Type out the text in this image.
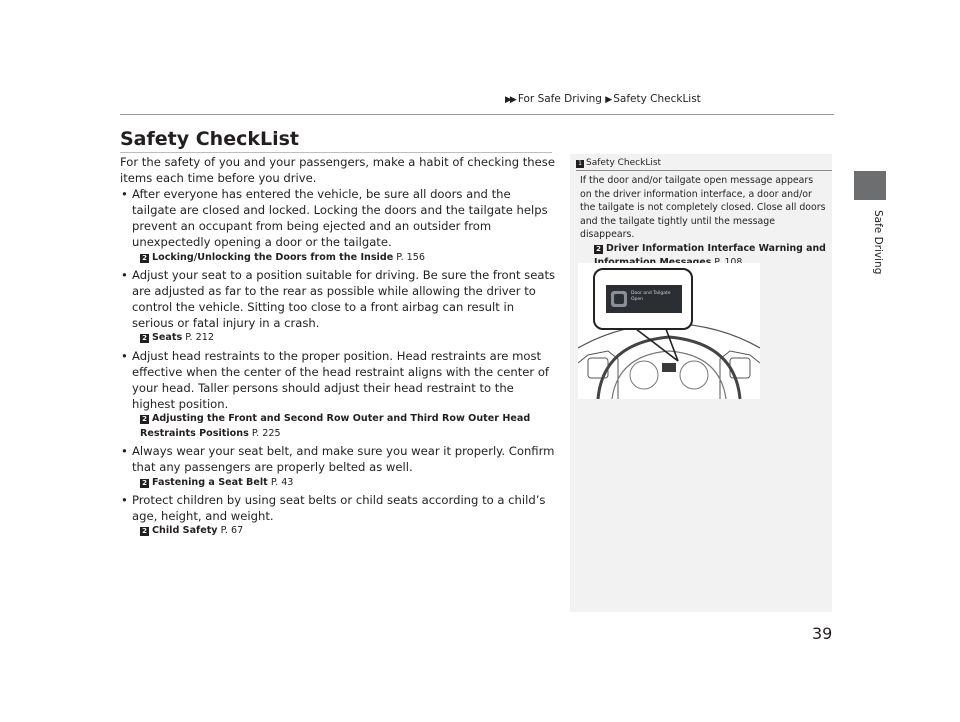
▶▶ For Safe Driving ▶ Safety CheckList
Safe Driving
Safety CheckList

For the safety of you and your passengers, make a habit of checking these items each time before you drive.

• After everyone has entered the vehicle, be sure all doors and the tailgate are closed and locked. Locking the doors and the tailgate helps prevent an occupant from being ejected and an outsider from unexpectedly opening a door or the tailgate.
2 Locking/Unlocking the Doors from the Inside P. 156
• Adjust your seat to a position suitable for driving. Be sure the front seats are adjusted as far to the rear as possible while allowing the driver to control the vehicle. Sitting too close to a front airbag can result in serious or fatal injury in a crash.
2 Seats P. 212
• Adjust head restraints to the proper position. Head restraints are most effective when the center of the head restraint aligns with the center of your head. Taller persons should adjust their head restraint to the highest position.
2 Adjusting the Front and Second Row Outer and Third Row Outer Head Restraints Positions P. 225
• Always wear your seat belt, and make sure you wear it properly. Confirm that any passengers are properly belted as well.
2 Fastening a Seat Belt P. 43
• Protect children by using seat belts or child seats according to a child’s age, height, and weight.
2 Child Safety P. 67
1 Safety CheckList
If the door and/or tailgate open message appears on the driver information interface, a door and/or the tailgate is not completely closed. Close all doors and the tailgate tightly until the message disappears.
2 Driver Information Interface Warning and
Door and Tailgate Open
39
